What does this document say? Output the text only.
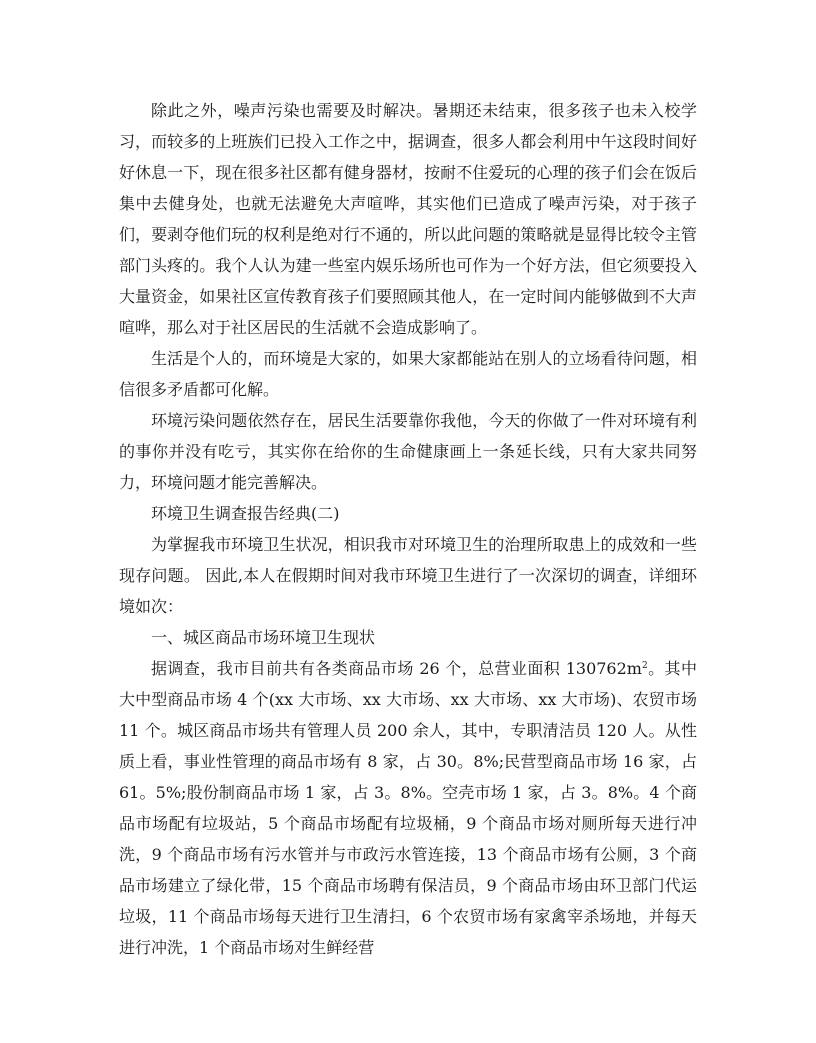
除此之外，噪声污染也需要及时解决。暑期还未结束，很多孩子也未入校学习，而较多的上班族们已投入工作之中，据调查，很多人都会利用中午这段时间好好休息一下，现在很多社区都有健身器材，按耐不住爱玩的心理的孩子们会在饭后集中去健身处，也就无法避免大声喧哗，其实他们已造成了噪声污染，对于孩子们，要剥夺他们玩的权利是绝对行不通的，所以此问题的策略就是显得比较令主管部门头疼的。我个人认为建一些室内娱乐场所也可作为一个好方法，但它须要投入大量资金，如果社区宣传教育孩子们要照顾其他人，在一定时间内能够做到不大声喧哗，那么对于社区居民的生活就不会造成影响了。

生活是个人的，而环境是大家的，如果大家都能站在别人的立场看待问题，相信很多矛盾都可化解。

环境污染问题依然存在，居民生活要靠你我他，今天的你做了一件对环境有利的事你并没有吃亏，其实你在给你的生命健康画上一条延长线，只有大家共同努力，环境问题才能完善解决。

环境卫生调查报告经典(二)

为掌握我市环境卫生状况，相识我市对环境卫生的治理所取患上的成效和一些现存问题。 因此,本人在假期时间对我市环境卫生进行了一次深切的调查，详细环境如次：

一、城区商品市场环境卫生现状

据调查，我市目前共有各类商品市场 26 个，总营业面积 $130762m^2$。其中大中型商品市场 4 个(xx 大市场、xx 大市场、xx 大市场、xx 大市场)、农贸市场 11 个。城区商品市场共有管理人员 200 余人，其中，专职清洁员 120 人。从性质上看，事业性管理的商品市场有 8 家，占 30。8%;民营型商品市场 16 家，占 61。5%;股份制商品市场 1 家，占 3。8%。空壳市场 1 家，占 3。8%。4 个商品市场配有垃圾站，5 个商品市场配有垃圾桶，9 个商品市场对厕所每天进行冲洗，9 个商品市场有污水管并与市政污水管连接，13 个商品市场有公厕，3 个商品市场建立了绿化带，15 个商品市场聘有保洁员，9 个商品市场由环卫部门代运垃圾，11 个商品市场每天进行卫生清扫，6 个农贸市场有家禽宰杀场地，并每天进行冲洗，1 个商品市场对生鲜经营
